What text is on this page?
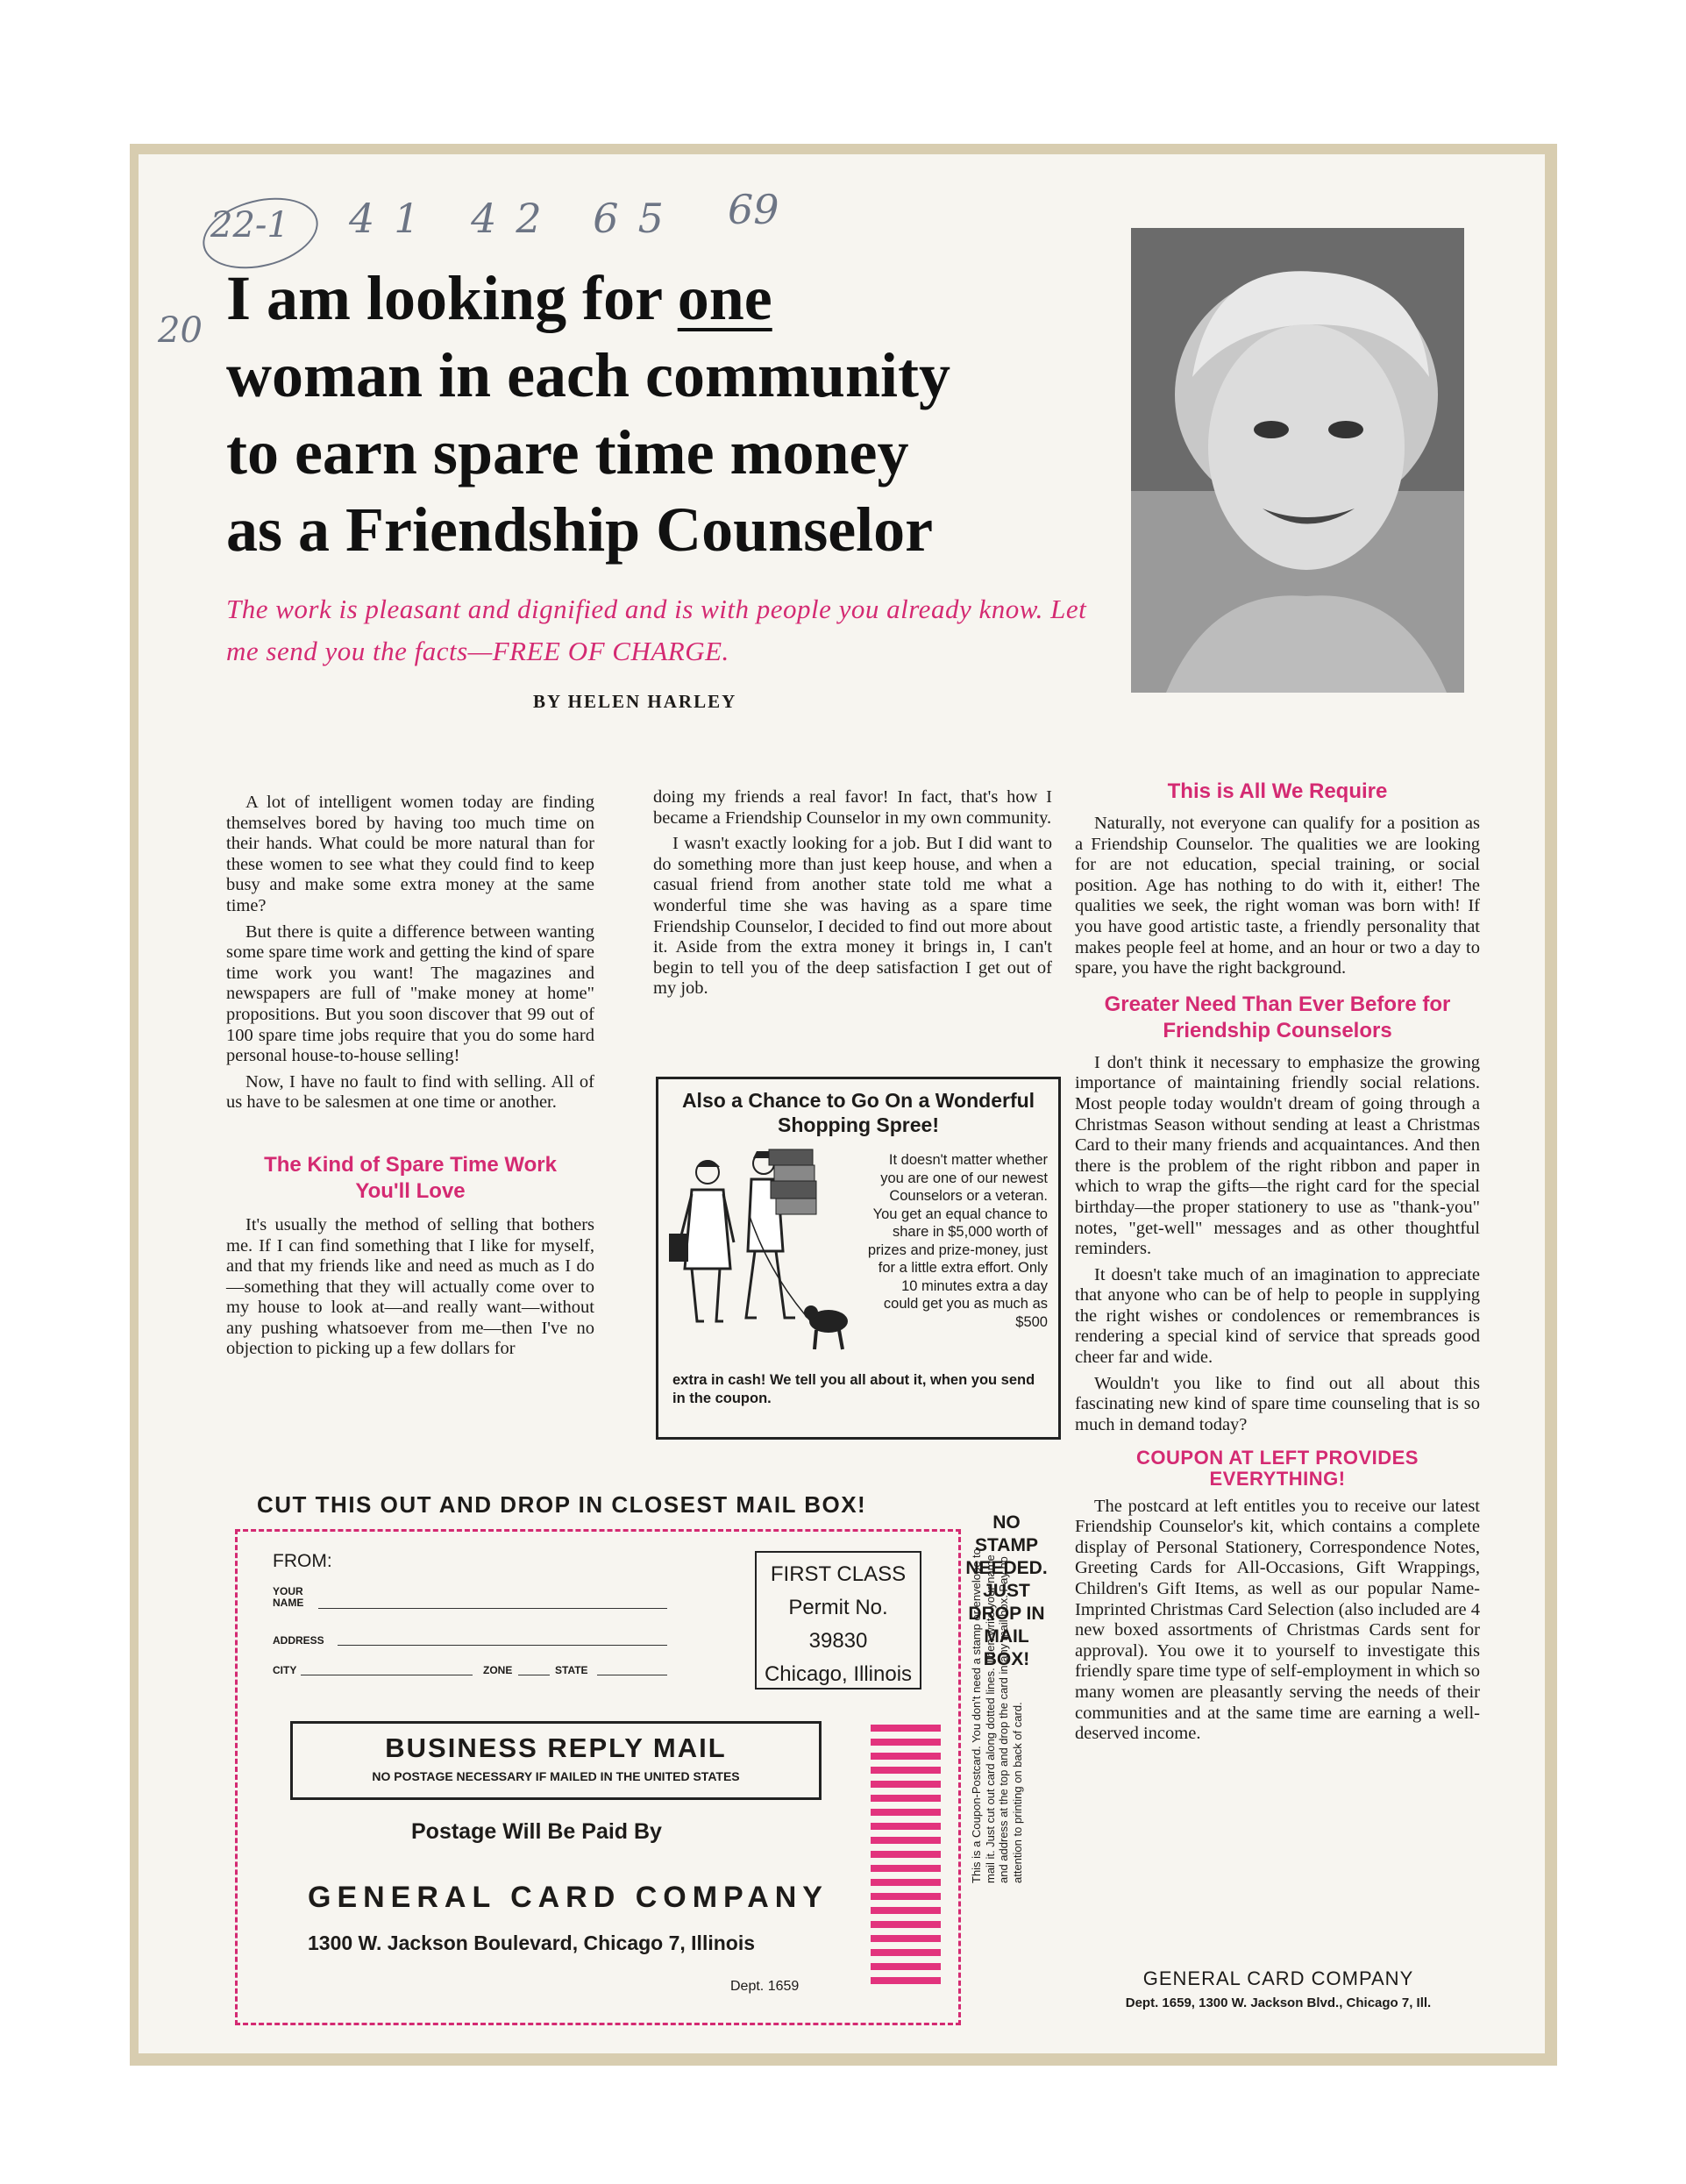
22-1 41 42 65 69
20 I am looking for one
woman in each community
to earn spare time money
as a Friendship Counselor
The work is pleasant and dignified and is with people you already know. Let me send you the facts—FREE OF CHARGE.
BY HELEN HARLEY

A lot of intelligent women today are finding themselves bored by having too much time on their hands. What could be more natural than for these women to see what they could find to keep busy and make some extra money at the same time?

But there is quite a difference between wanting some spare time work and getting the kind of spare time work you want! The magazines and newspapers are full of "make money at home" propositions. But you soon discover that 99 out of 100 spare time jobs require that you do some hard personal house-to-house selling!

Now, I have no fault to find with selling. All of us have to be salesmen at one time or another.

The Kind of Spare Time Work You'll Love

It's usually the method of selling that bothers me. If I can find something that I like for myself, and that my friends like and need as much as I do—something that they will actually come over to my house to look at—and really want—without any pushing whatsoever from me—then I've no objection to picking up a few dollars for

doing my friends a real favor! In fact, that's how I became a Friendship Counselor in my own community.

I wasn't exactly looking for a job. But I did want to do something more than just keep house, and when a casual friend from another state told me what a wonderful time she was having as a spare time Friendship Counselor, I decided to find out more about it. Aside from the extra money it brings in, I can't begin to tell you of the deep satisfaction I get out of my job.

Also a Chance to Go On a Wonderful Shopping Spree!
It doesn't matter whether you are one of our newest Counselors or a veteran. You get an equal chance to share in $5,000 worth of prizes and prize-money, just for a little extra effort. Only 10 minutes extra a day could get you as much as $500
extra in cash! We tell you all about it, when you send in the coupon.
This is All We Require

Naturally, not everyone can qualify for a position as a Friendship Counselor. The qualities we are looking for are not education, special training, or social position. Age has nothing to do with it, either! The qualities we seek, the right woman was born with! If you have good artistic taste, a friendly personality that makes people feel at home, and an hour or two a day to spare, you have the right background.

Greater Need Than Ever Before for Friendship Counselors

I don't think it necessary to emphasize the growing importance of maintaining friendly social relations. Most people today wouldn't dream of going through a Christmas Season without sending at least a Christmas Card to their many friends and acquaintances. And then there is the problem of the right ribbon and paper in which to wrap the gifts—the right card for the special birthday—the proper stationery to use as "thank-you" notes, "get-well" messages and as other thoughtful reminders.

It doesn't take much of an imagination to appreciate that anyone who can be of help to people in supplying the right wishes or condolences or remembrances is rendering a special kind of service that spreads good cheer far and wide.

Wouldn't you like to find out all about this fascinating new kind of spare time counseling that is so much in demand today?

COUPON AT LEFT PROVIDES EVERYTHING!

The postcard at left entitles you to receive our latest Friendship Counselor's kit, which contains a complete display of Personal Stationery, Correspondence Notes, Greeting Cards for All-Occasions, Gift Wrappings, Children's Gift Items, as well as our popular Name-Imprinted Christmas Card Selection (also included are 4 new boxed assortments of Christmas Cards sent for approval). You owe it to yourself to investigate this friendly spare time type of self-employment in which so many women are pleasantly serving the needs of their communities and at the same time are earning a well-deserved income.

GENERAL CARD COMPANY
Dept. 1659, 1300 W. Jackson Blvd., Chicago 7, Ill.
CUT THIS OUT AND DROP IN CLOSEST MAIL BOX!
FROM:
YOUR
NAME
ADDRESS
CITY	ZONE	STATE
FIRST CLASS
Permit No. 39830
Chicago, Illinois
BUSINESS REPLY MAIL
NO POSTAGE NECESSARY IF MAILED IN THE UNITED STATES
Postage Will Be Paid By
GENERAL CARD COMPANY
1300 W. Jackson Boulevard, Chicago 7, Illinois
Dept. 1659
NO STAMP NEEDED. JUST DROP IN MAIL BOX!
This is a Coupon-Postcard. You don't need a stamp or envelope to mail it. Just cut out card along dotted lines. Then write your name and address at the top and drop the card in any mail box. Pay no attention to printing on back of card.
